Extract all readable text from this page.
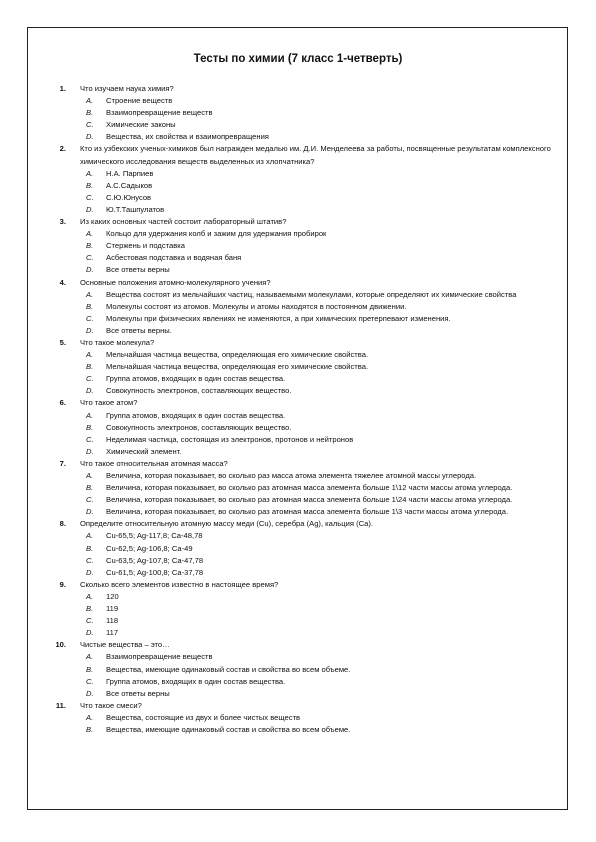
Тесты по химии (7 класс 1-четверть)
1. Что изучаем наука химия?
A.	Строение веществ
B.	Взаимопревращение веществ
C.	Химические законы
D.	Вещества, их свойства и взаимопревращения
2. Кто из узбекских ученых-химиков был награжден медалью им. Д.И. Менделеева за работы, посвященные результатам комплексного химического исследования веществ выделенных из хлопчатника?
A.	Н.А. Парпиев
B.	А.С.Садыков
C.	С.Ю.Юнусов
D.	Ю.Т.Ташпулатов
3. Из каких основных частей состоит лабораторный штатив?
A.	Кольцо для удержания колб и зажим для удержания пробирок
B.	Стержень и подставка
C.	Асбестовая подставка и водяная баня
D.	Все ответы верны
4. Основные положения атомно-молекулярного учения?
A.	Вещества состоят из мельчайших частиц, называемыми молекулами, которые определяют их химические свойства
B.	Молекулы состоят из атомов. Молекулы и атомы находятся в постоянном движении.
C.	Молекулы при физических явлениях не изменяются, а при химических претерпевают изменения.
D.	Все ответы верны.
5. Что такое молекула?
A.	Мельчайшая частица вещества, определяющая его химические свойства.
B.	Мельчайшая частица вещества, определяющая его химические свойства.
C.	Группа атомов, входящих в один состав вещества.
D.	Совокупность электронов, составляющих вещество.
6. Что такое атом?
A.	Группа атомов, входящих в один состав вещества.
B.	Совокупность электронов, составляющих вещество.
C.	Неделимая частица, состоящая из электронов, протонов и нейтронов
D.	Химический элемент.
7. Что такое относительная атомная масса?
A.	Величина, которая показывает, во сколько раз масса атома элемента тяжелее атомной массы углерода.
B.	Величина, которая показывает, во сколько раз атомная масса элемента больше 1\12 части массы атома углерода.
C.	Величина, которая показывает, во сколько раз атомная масса элемента больше 1\24 части массы атома углерода.
D.	Величина, которая показывает, во сколько раз атомная масса элемента больше 1\3 части массы атома углерода.
8. Определите относительную атомную массу меди (Cu), серебра (Ag), кальция (Ca).
A.	Cu-65,5; Ag-117,8; Ca-48,78
B.	Cu-62,5; Ag-106,8; Ca-49
C.	Cu-63,5; Ag-107,8; Ca-47,78
D.	Cu-61,5; Ag-100,8; Ca-37,78
9. Сколько всего элементов известно в настоящее время?
A.	120
B.	119
C.	118
D.	117
10. Чистые вещества – это…
A.	Взаимопревращение веществ
B.	Вещества, имеющие одинаковый состав и свойства во всем объеме.
C.	Группа атомов, входящих в один состав вещества.
D.	Все ответы верны
11. Что такое смеси?
A.	Вещества, состоящие из двух и более чистых веществ
B.	Вещества, имеющие одинаковый состав и свойства во всем объеме.
